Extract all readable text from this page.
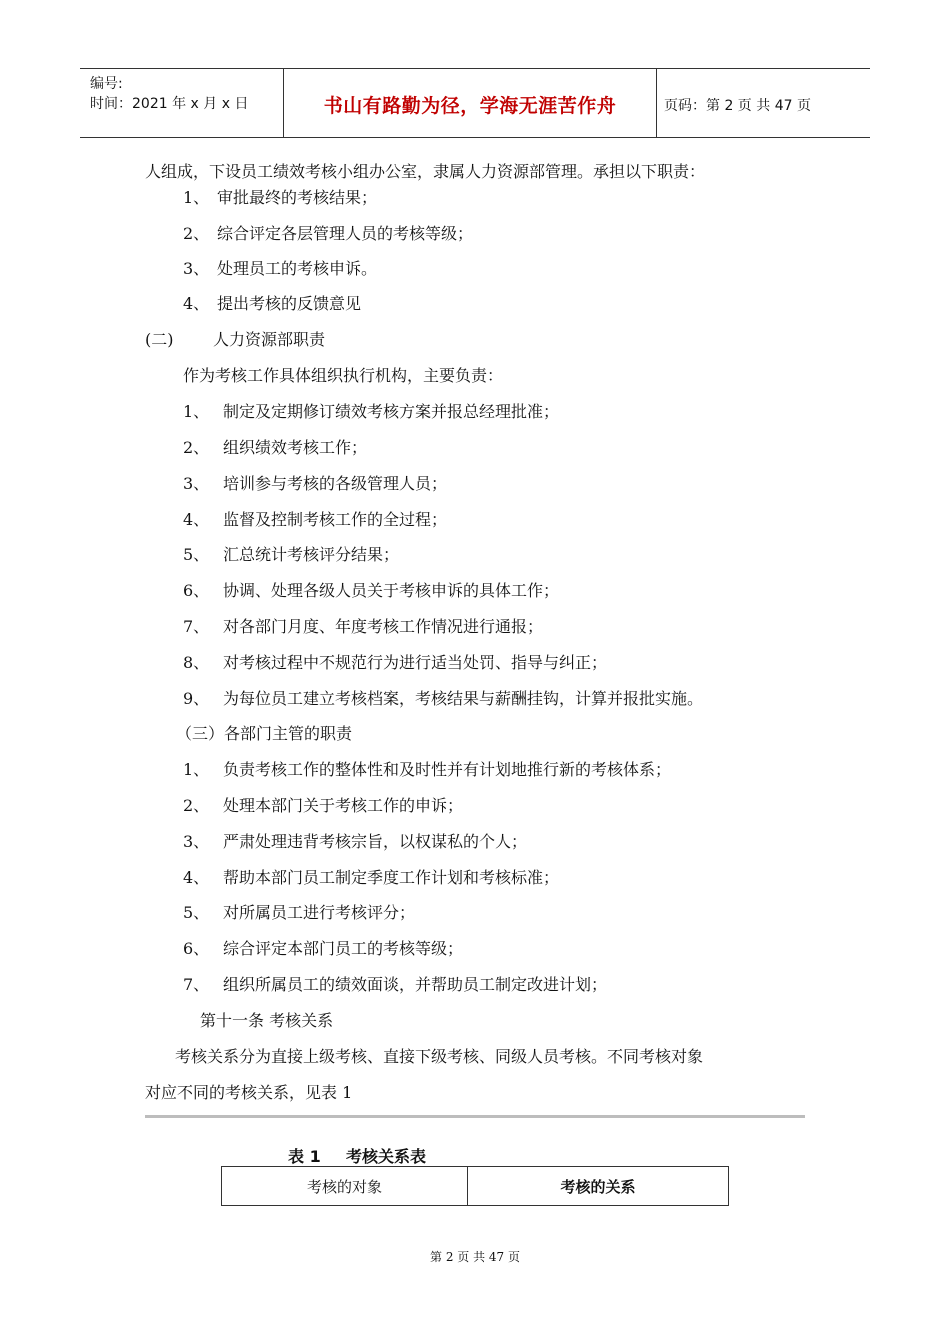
编号:
时间：2021 年 x 月 x 日	书山有路勤为径，学海无涯苦作舟	页码：第 2 页 共 47 页
人组成，下设员工绩效考核小组办公室，隶属人力资源部管理。承担以下职责：
1、 审批最终的考核结果；
2、 综合评定各层管理人员的考核等级；
3、 处理员工的考核申诉。
4、 提出考核的反馈意见
(二) 人力资源部职责
作为考核工作具体组织执行机构，主要负责：
1、 制定及定期修订绩效考核方案并报总经理批准；
2、 组织绩效考核工作；
3、 培训参与考核的各级管理人员；
4、 监督及控制考核工作的全过程；
5、 汇总统计考核评分结果；
6、 协调、处理各级人员关于考核申诉的具体工作；
7、 对各部门月度、年度考核工作情况进行通报；
8、 对考核过程中不规范行为进行适当处罚、指导与纠正；
9、 为每位员工建立考核档案，考核结果与薪酬挂钩，计算并报批实施。
（三）各部门主管的职责
1、 负责考核工作的整体性和及时性并有计划地推行新的考核体系；
2、 处理本部门关于考核工作的申诉；
3、 严肃处理违背考核宗旨，以权谋私的个人；
4、 帮助本部门员工制定季度工作计划和考核标准；
5、 对所属员工进行考核评分；
6、 综合评定本部门员工的考核等级；
7、 组织所属员工的绩效面谈，并帮助员工制定改进计划；
第十一条 考核关系
考核关系分为直接上级考核、直接下级考核、同级人员考核。不同考核对象
对应不同的考核关系，见表 1
表 1 考核关系表
考核的对象	考核的关系
第 2 页 共 47 页
